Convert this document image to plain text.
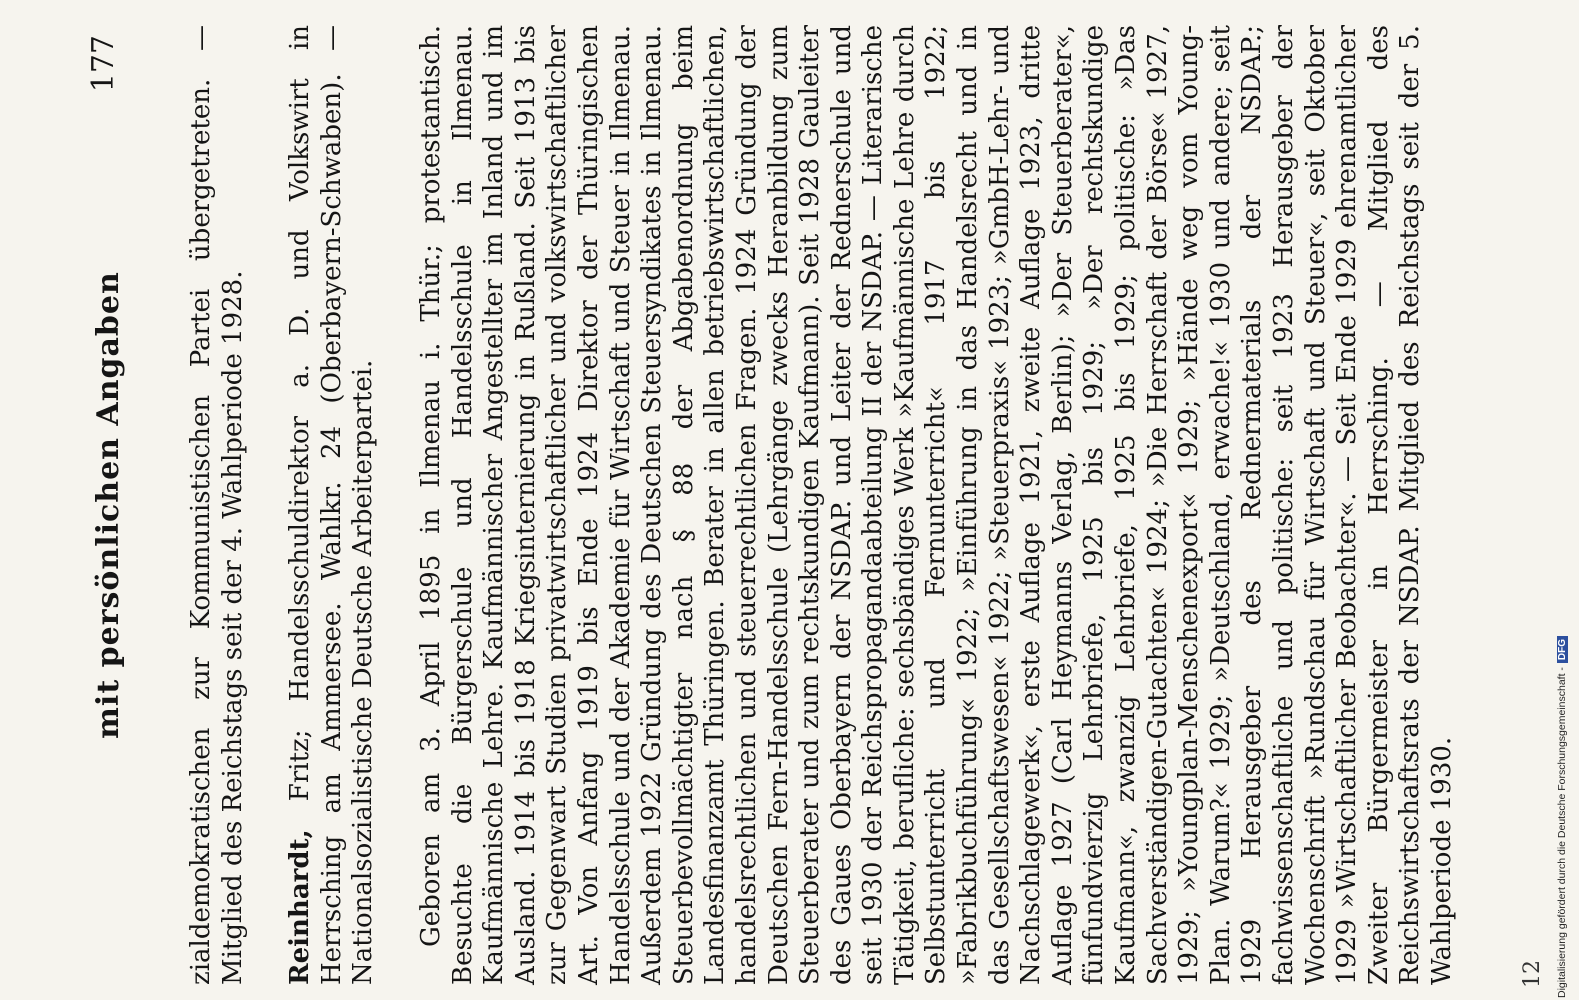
mit persönlichen Angaben
177	zialdemokratischen zur Kommunistischen Partei übergetreten. — Mitglied des Reichstags seit der 4. Wahlperiode 1928. Reinhardt, Fritz; Handelsschuldirektor a. D. und Volkswirt in Herrsching am Ammersee. Wahlkr. 24 (Oberbayern-Schwaben). — Nationalsozialistische Deutsche Arbeiterpartei. Geboren am 3. April 1895 in Ilmenau i. Thür.; protestantisch. Besuchte die Bürgerschule und Handelsschule in Ilmenau. Kaufmännische Lehre. Kaufmännischer Angestellter im Inland und im Ausland. 1914 bis 1918 Kriegsinternierung in Rußland. Seit 1913 bis zur Gegenwart Studien privatwirtschaftlicher und volkswirtschaftlicher Art. Von Anfang 1919 bis Ende 1924 Direktor der Thüringischen Handelsschule und der Akademie für Wirtschaft und Steuer in Ilmenau. Außerdem 1922 Gründung des Deutschen Steuersyndikates in Ilmenau. Steuerbevollmächtigter nach § 88 der Abgabenordnung beim Landesfinanzamt Thüringen. Berater in allen betriebswirtschaftlichen, handelsrechtlichen und steuerrechtlichen Fragen. 1924 Gründung der Deutschen Fern-Handelsschule (Lehrgänge zwecks Heranbildung zum Steuerberater und zum rechtskundigen Kaufmann). Seit 1928 Gauleiter des Gaues Oberbayern der NSDAP. und Leiter der Rednerschule und seit 1930 der Reichspropagandaabteilung II der NSDAP. — Literarische Tätigkeit, berufliche: sechsbändiges Werk »Kaufmännische Lehre durch Selbstunterricht und Fernunterricht« 1917 bis 1922; »Fabrikbuchführung« 1922; »Einführung in das Handelsrecht und in das Gesellschaftswesen« 1922; »Steuerpraxis« 1923; »GmbH-Lehr- und Nachschlagewerk«, erste Auflage 1921, zweite Auflage 1923, dritte Auflage 1927 (Carl Heymanns Verlag, Berlin); »Der Steuerberater«, fünfundvierzig Lehrbriefe, 1925 bis 1929; »Der rechtskundige Kaufmann«, zwanzig Lehrbriefe, 1925 bis 1929; politische: »Das Sachverständigen-Gutachten« 1924; »Die Herrschaft der Börse« 1927, 1929; »Youngplan-Menschenexport« 1929; »Hände weg vom Young-Plan. Warum?« 1929; »Deutschland, erwache!« 1930 und andere; seit 1929 Herausgeber des Rednermaterials der NSDAP.; fachwissenschaftliche und politische: seit 1923 Herausgeber der Wochenschrift »Rundschau für Wirtschaft und Steuer«, seit Oktober 1929 »Wirtschaftlicher Beobachter«. — Seit Ende 1929 ehrenamtlicher Zweiter Bürgermeister in Herrsching. — Mitglied des Reichswirtschaftsrats der NSDAP. Mitglied des Reichstags seit der 5. Wahlperiode 1930.	12 Digitalisierung gefördert durch die Deutsche Forschungsgemeinschaft -DFG
